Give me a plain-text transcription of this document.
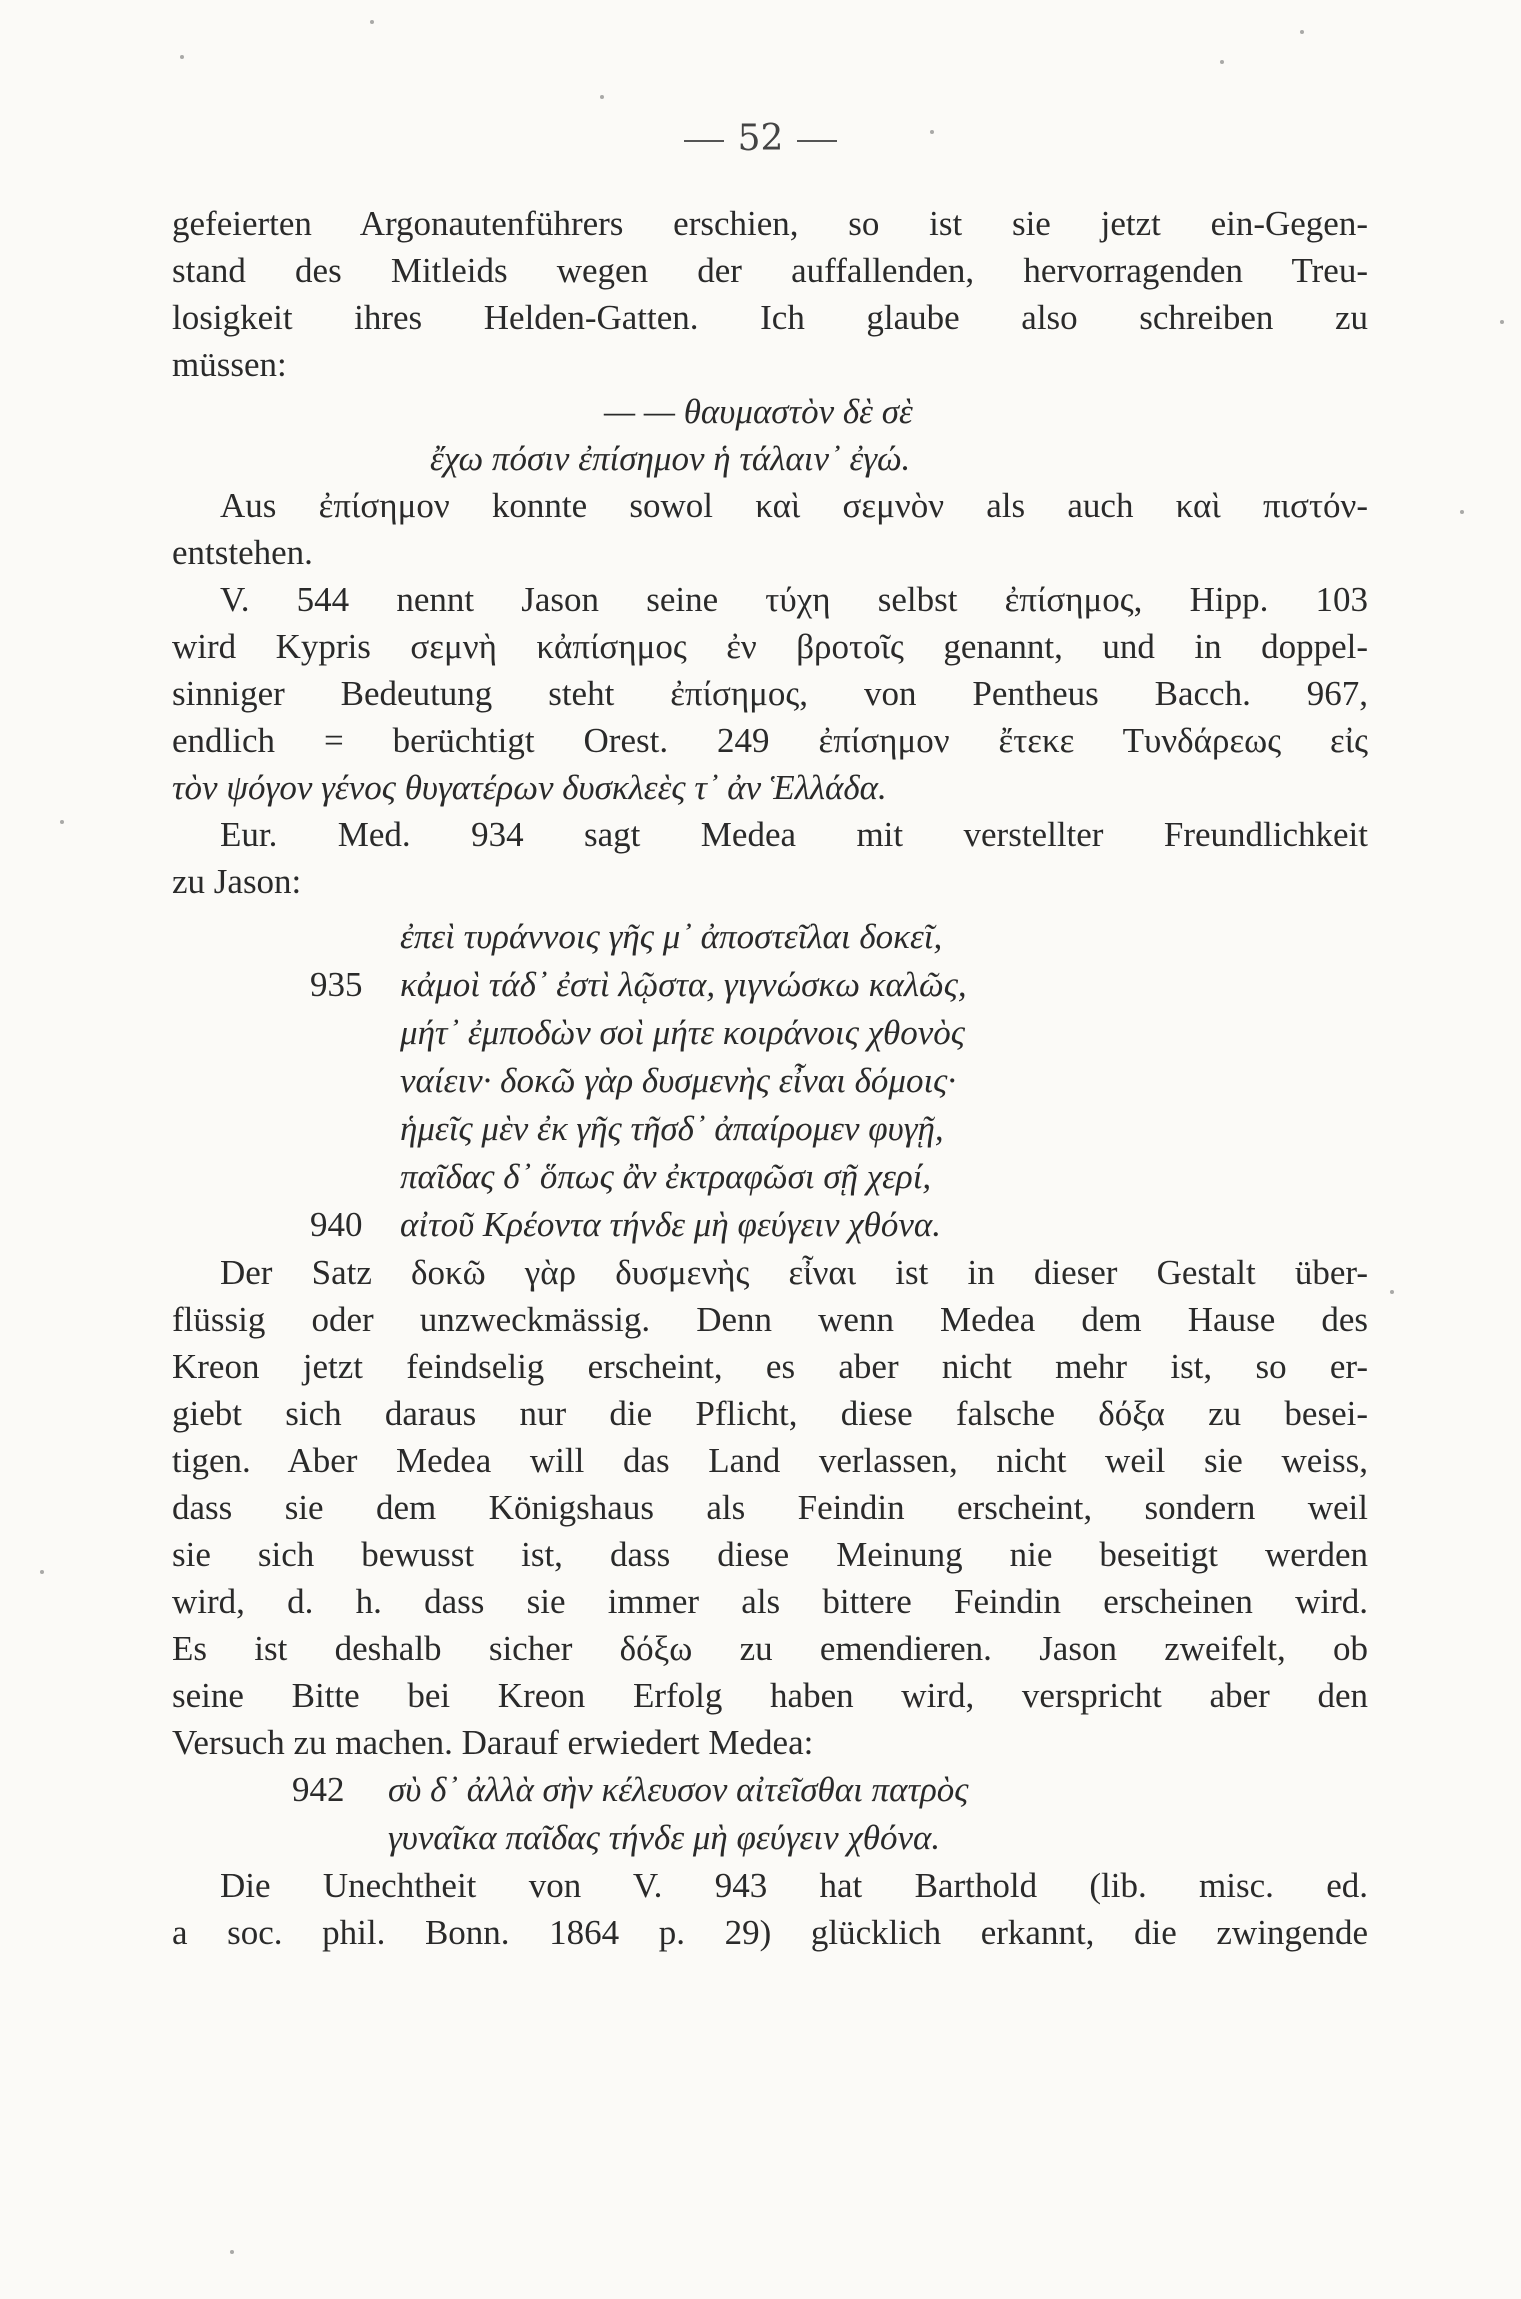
52
gefeierten Argonautenführers erschien, so ist sie jetzt ein-Gegen-
stand des Mitleids wegen der auffallenden, hervorragenden Treu-
losigkeit ihres Helden-Gatten. Ich glaube also schreiben zu
müssen:
— — θαυμαστὸν δὲ σὲ
ἔχω πόσιν ἐπίσημον ἡ τάλαιν᾽ ἐγώ.
Aus ἐπίσημον konnte sowol καὶ σεμνὸν als auch καὶ πιστόν-
entstehen.
V. 544 nennt Jason seine τύχη selbst ἐπίσημος, Hipp. 103
wird Kypris σεμνὴ κἀπίσημος ἐν βροτοῖς genannt, und in doppel-
sinniger Bedeutung steht ἐπίσημος, von Pentheus Bacch. 967,
endlich = berüchtigt Orest. 249 ἐπίσημον ἔτεκε Τυνδάρεως εἰς
τὸν ψόγον γένος θυγατέρων δυσκλεὲς τ᾽ ἀν Ἑλλάδα.
Eur. Med. 934 sagt Medea mit verstellter Freundlichkeit
zu Jason:
ἐπεὶ τυράννοις γῆς μ᾽ ἀποστεῖλαι δοκεῖ,
935 κἀμοὶ τάδ᾽ ἐστὶ λῷστα, γιγνώσκω καλῶς,
μήτ᾽ ἐμποδὼν σοὶ μήτε κοιράνοις χθονὸς
ναίειν· δοκῶ γὰρ δυσμενὴς εἶναι δόμοις·
ἡμεῖς μὲν ἐκ γῆς τῆσδ᾽ ἀπαίρομεν φυγῇ,
παῖδας δ᾽ ὅπως ἂν ἐκτραφῶσι σῇ χερί,
940 αἰτοῦ Κρέοντα τήνδε μὴ φεύγειν χθόνα.
Der Satz δοκῶ γὰρ δυσμενὴς εἶναι ist in dieser Gestalt über-
flüssig oder unzweckmässig. Denn wenn Medea dem Hause des
Kreon jetzt feindselig erscheint, es aber nicht mehr ist, so er-
giebt sich daraus nur die Pflicht, diese falsche δόξα zu besei-
tigen. Aber Medea will das Land verlassen, nicht weil sie weiss,
dass sie dem Königshaus als Feindin erscheint, sondern weil
sie sich bewusst ist, dass diese Meinung nie beseitigt werden
wird, d. h. dass sie immer als bittere Feindin erscheinen wird.
Es ist deshalb sicher δόξω zu emendieren. Jason zweifelt, ob
seine Bitte bei Kreon Erfolg haben wird, verspricht aber den
Versuch zu machen. Darauf erwiedert Medea:
942 σὺ δ᾽ ἀλλὰ σὴν κέλευσον αἰτεῖσθαι πατρὸς
γυναῖκα παῖδας τήνδε μὴ φεύγειν χθόνα.
Die Unechtheit von V. 943 hat Barthold (lib. misc. ed.
a soc. phil. Bonn. 1864 p. 29) glücklich erkannt, die zwingende
